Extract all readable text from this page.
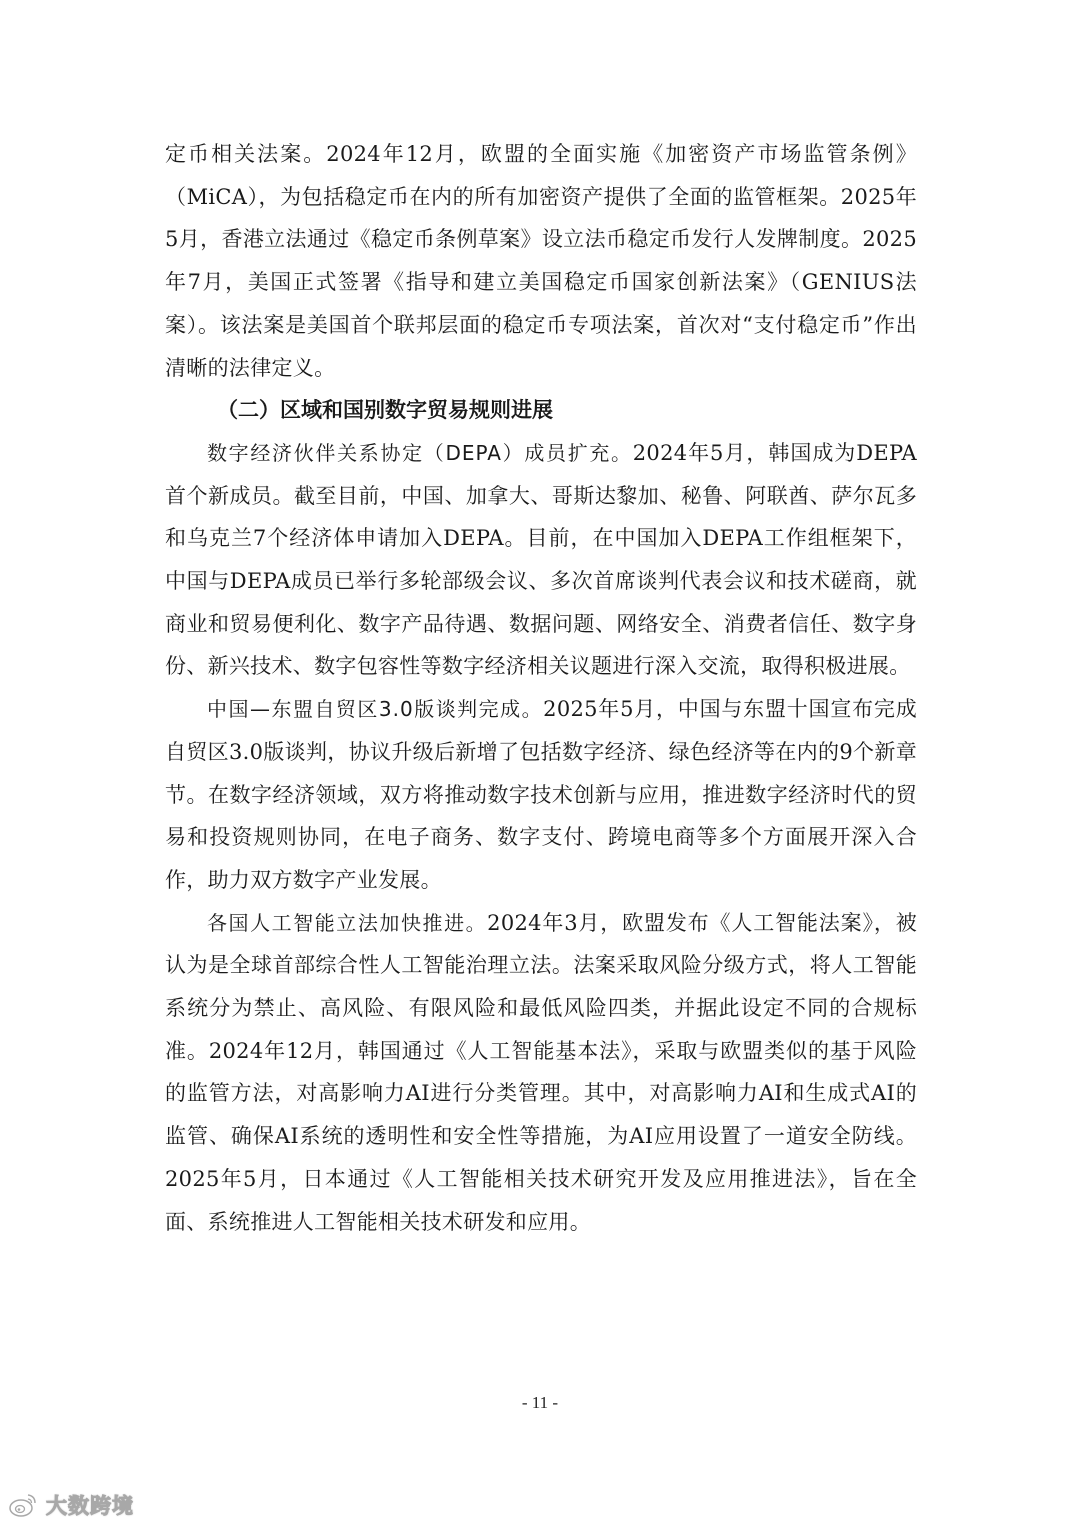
定币相关法案。2024年12月，欧盟的全面实施《加密资产市场监管条例》（MiCA），为包括稳定币在内的所有加密资产提供了全面的监管框架。2025年5月，香港立法通过《稳定币条例草案》设立法币稳定币发行人发牌制度。2025年7月，美国正式签署《指导和建立美国稳定币国家创新法案》（GENIUS法案）。该法案是美国首个联邦层面的稳定币专项法案，首次对“支付稳定币”作出清晰的法律定义。

（二）区域和国别数字贸易规则进展

数字经济伙伴关系协定（DEPA）成员扩充。2024年5月，韩国成为DEPA首个新成员。截至目前，中国、加拿大、哥斯达黎加、秘鲁、阿联酋、萨尔瓦多和乌克兰7个经济体申请加入DEPA。目前，在中国加入DEPA工作组框架下，中国与DEPA成员已举行多轮部级会议、多次首席谈判代表会议和技术磋商，就商业和贸易便利化、数字产品待遇、数据问题、网络安全、消费者信任、数字身份、新兴技术、数字包容性等数字经济相关议题进行深入交流，取得积极进展。

中国—东盟自贸区3.0版谈判完成。2025年5月，中国与东盟十国宣布完成自贸区3.0版谈判，协议升级后新增了包括数字经济、绿色经济等在内的9个新章节。在数字经济领域，双方将推动数字技术创新与应用，推进数字经济时代的贸易和投资规则协同，在电子商务、数字支付、跨境电商等多个方面展开深入合作，助力双方数字产业发展。

各国人工智能立法加快推进。2024年3月，欧盟发布《人工智能法案》，被认为是全球首部综合性人工智能治理立法。法案采取风险分级方式，将人工智能系统分为禁止、高风险、有限风险和最低风险四类，并据此设定不同的合规标准。2024年12月，韩国通过《人工智能基本法》，采取与欧盟类似的基于风险的监管方法，对高影响力AI进行分类管理。其中，对高影响力AI和生成式AI的监管、确保AI系统的透明性和安全性等措施，为AI应用设置了一道安全防线。2025年5月，日本通过《人工智能相关技术研究开发及应用推进法》，旨在全面、系统推进人工智能相关技术研发和应用。

- 11 -
大数跨境
